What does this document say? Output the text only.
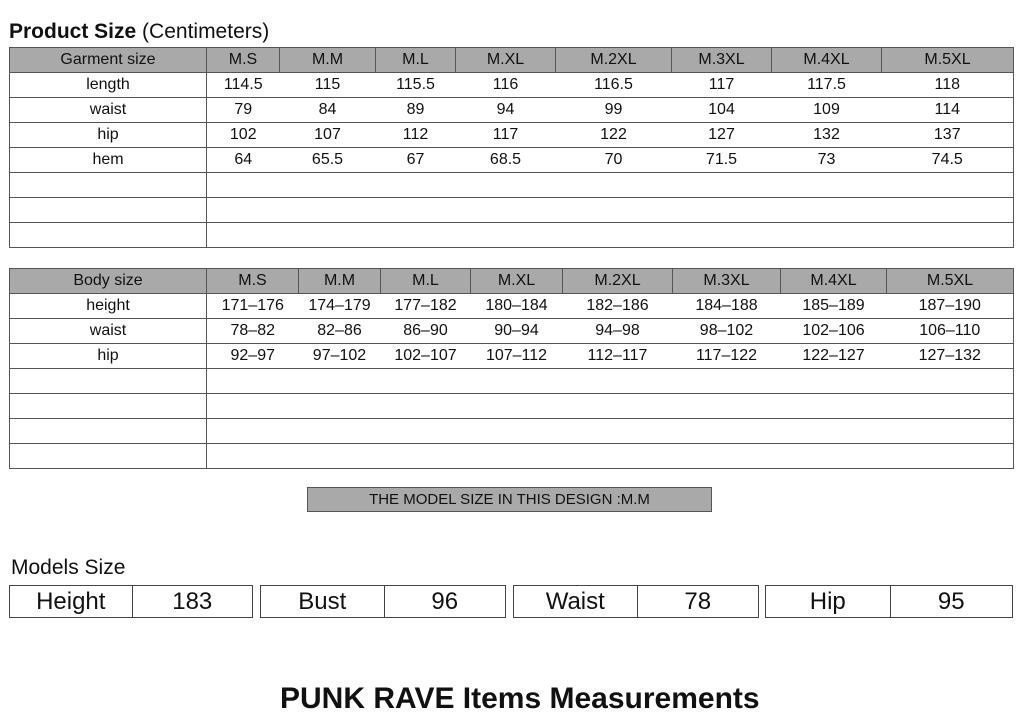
Product Size (Centimeters)
Garment size	M.S	M.M	M.L	M.XL	M.2XL	M.3XL	M.4XL	M.5XL
length	114.5	115	115.5	116	116.5	117	117.5	118
waist	79	84	89	94	99	104	109	114
hip	102	107	112	117	122	127	132	137
hem	64	65.5	67	68.5	70	71.5	73	74.5

Body size	M.S	M.M	M.L	M.XL	M.2XL	M.3XL	M.4XL	M.5XL
height	171–176	174–179	177–182	180–184	182–186	184–188	185–189	187–190
waist	78–82	82–86	86–90	90–94	94–98	98–102	102–106	106–110
hip	92–97	97–102	102–107	107–112	112–117	117–122	122–127	127–132

THE MODEL SIZE IN THIS DESIGN :M.M
Models Size
Height	183	Bust	96	Waist	78	Hip	95
PUNK RAVE Items Measurements
